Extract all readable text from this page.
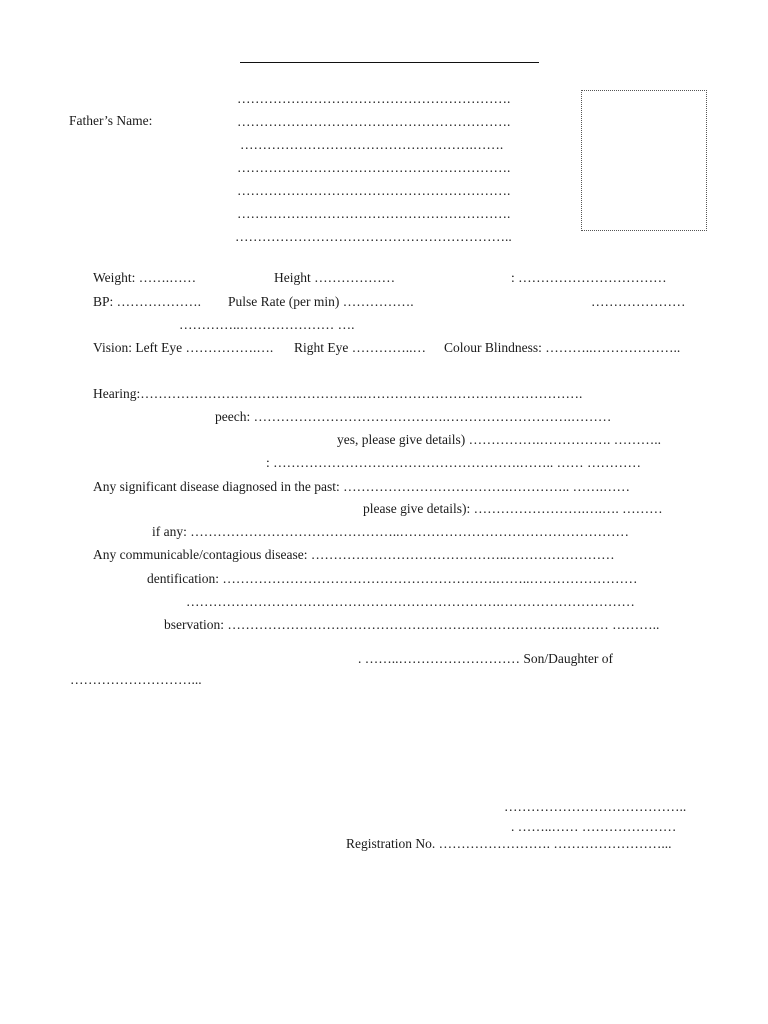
…………………………………………………….

Father’s Name:	…………………………………………………….

…………………………………………….…….

…………………………………………………….

…………………………………………………….

…………………………………………………….

……………………………………………………..

Weight: …….……	Height ………………	: ……………………………

BP: ………………. Pulse Rate (per min) …………….	…………………

…………..………………… ….

Vision: Left Eye …………….…. Right Eye …………..… Colour Blindness: ………..………………..

Hearing:…………………………………………..………………………………………….

peech: …………………………………….……………………….………

yes, please give details) …………….……………. ………..

: ……………………………………………….…….. …… …………

Any significant disease diagnosed in the past: ……………………………….………….. …….……

please give details): …………………….….…. ………

if any: ………………………………………..……………………………………………

Any communicable/contagious disease: ……………………………………..……………………

dentification: …………………………………………………….……..……………………

…………………………………………………………….…………………………

bservation: ………………………………………………………………….……… ………..

. ……..……………………… Son/Daughter of

………………………...

…………………………………..

. ……..…… …………………

Registration No. ……………………. ……………………...
